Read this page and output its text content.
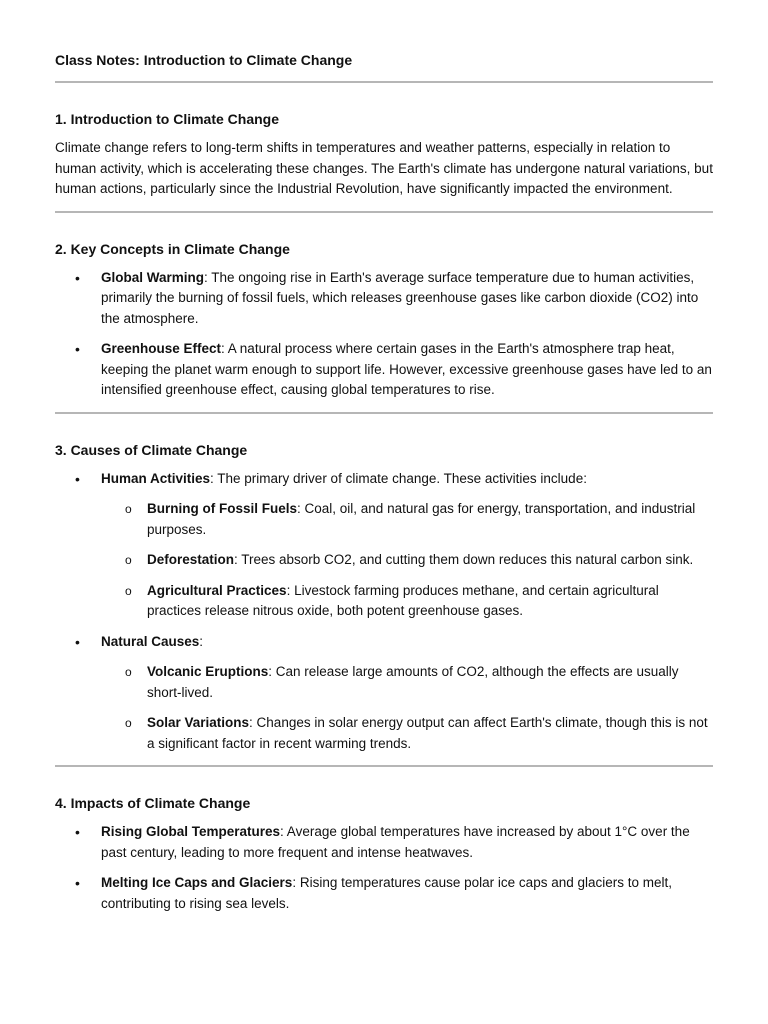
Class Notes: Introduction to Climate Change
1. Introduction to Climate Change

Climate change refers to long-term shifts in temperatures and weather patterns, especially in relation to human activity, which is accelerating these changes. The Earth's climate has undergone natural variations, but human actions, particularly since the Industrial Revolution, have significantly impacted the environment.

2. Key Concepts in Climate Change
• Global Warming: The ongoing rise in Earth's average surface temperature due to human activities, primarily the burning of fossil fuels, which releases greenhouse gases like carbon dioxide (CO2) into the atmosphere.
• Greenhouse Effect: A natural process where certain gases in the Earth's atmosphere trap heat, keeping the planet warm enough to support life. However, excessive greenhouse gases have led to an intensified greenhouse effect, causing global temperatures to rise.
3. Causes of Climate Change
• Human Activities: The primary driver of climate change. These activities include:
o Burning of Fossil Fuels: Coal, oil, and natural gas for energy, transportation, and industrial purposes.
o Deforestation: Trees absorb CO2, and cutting them down reduces this natural carbon sink.
o Agricultural Practices: Livestock farming produces methane, and certain agricultural practices release nitrous oxide, both potent greenhouse gases.
• Natural Causes:
o Volcanic Eruptions: Can release large amounts of CO2, although the effects are usually short-lived.
o Solar Variations: Changes in solar energy output can affect Earth's climate, though this is not a significant factor in recent warming trends.
4. Impacts of Climate Change
• Rising Global Temperatures: Average global temperatures have increased by about 1°C over the past century, leading to more frequent and intense heatwaves.
• Melting Ice Caps and Glaciers: Rising temperatures cause polar ice caps and glaciers to melt, contributing to rising sea levels.
